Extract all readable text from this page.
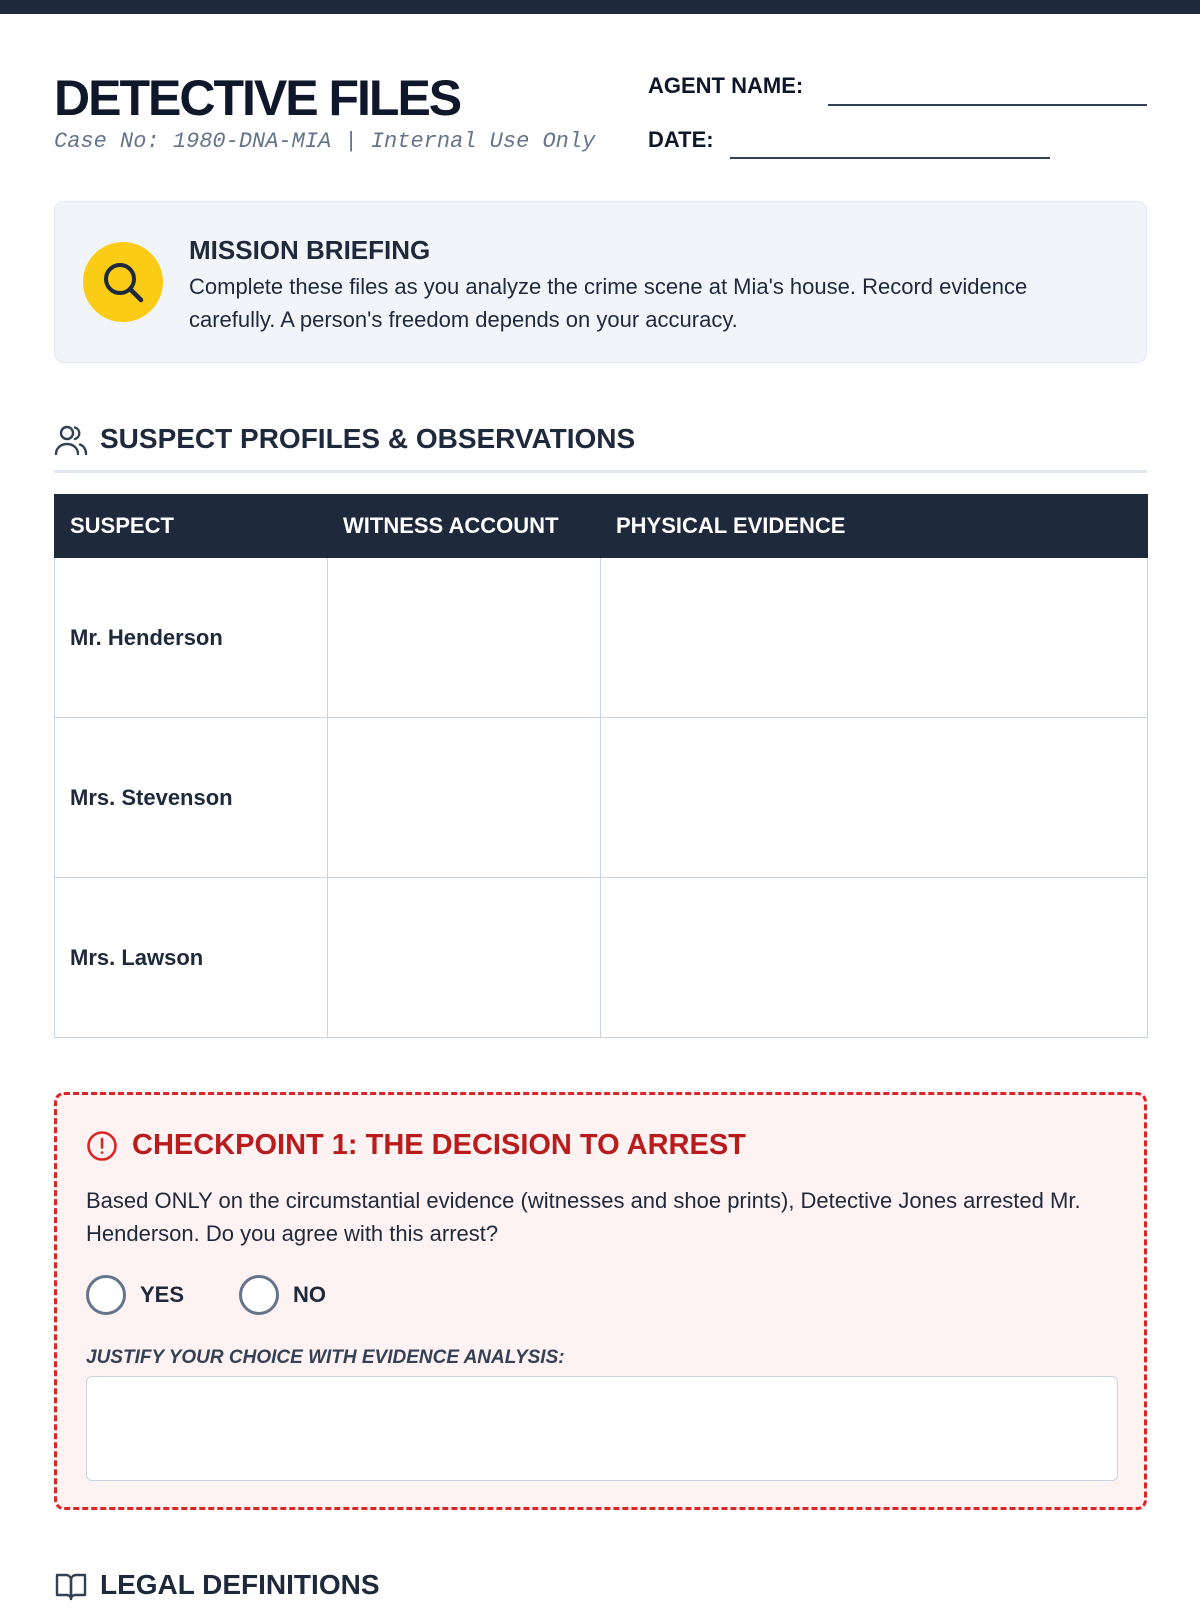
DETECTIVE FILES
Case No: 1980-DNA-MIA | Internal Use Only
AGENT NAME:
DATE:
MISSION BRIEFING
Complete these files as you analyze the crime scene at Mia's house. Record evidence carefully. A person's freedom depends on your accuracy.
SUSPECT PROFILES & OBSERVATIONS
SUSPECT	WITNESS ACCOUNT	PHYSICAL EVIDENCE
Mr. Henderson		
Mrs. Stevenson		
Mrs. Lawson		
CHECKPOINT 1: THE DECISION TO ARREST
Based ONLY on the circumstantial evidence (witnesses and shoe prints), Detective Jones arrested Mr. Henderson. Do you agree with this arrest?
YES	NO
JUSTIFY YOUR CHOICE WITH EVIDENCE ANALYSIS:
LEGAL DEFINITIONS
